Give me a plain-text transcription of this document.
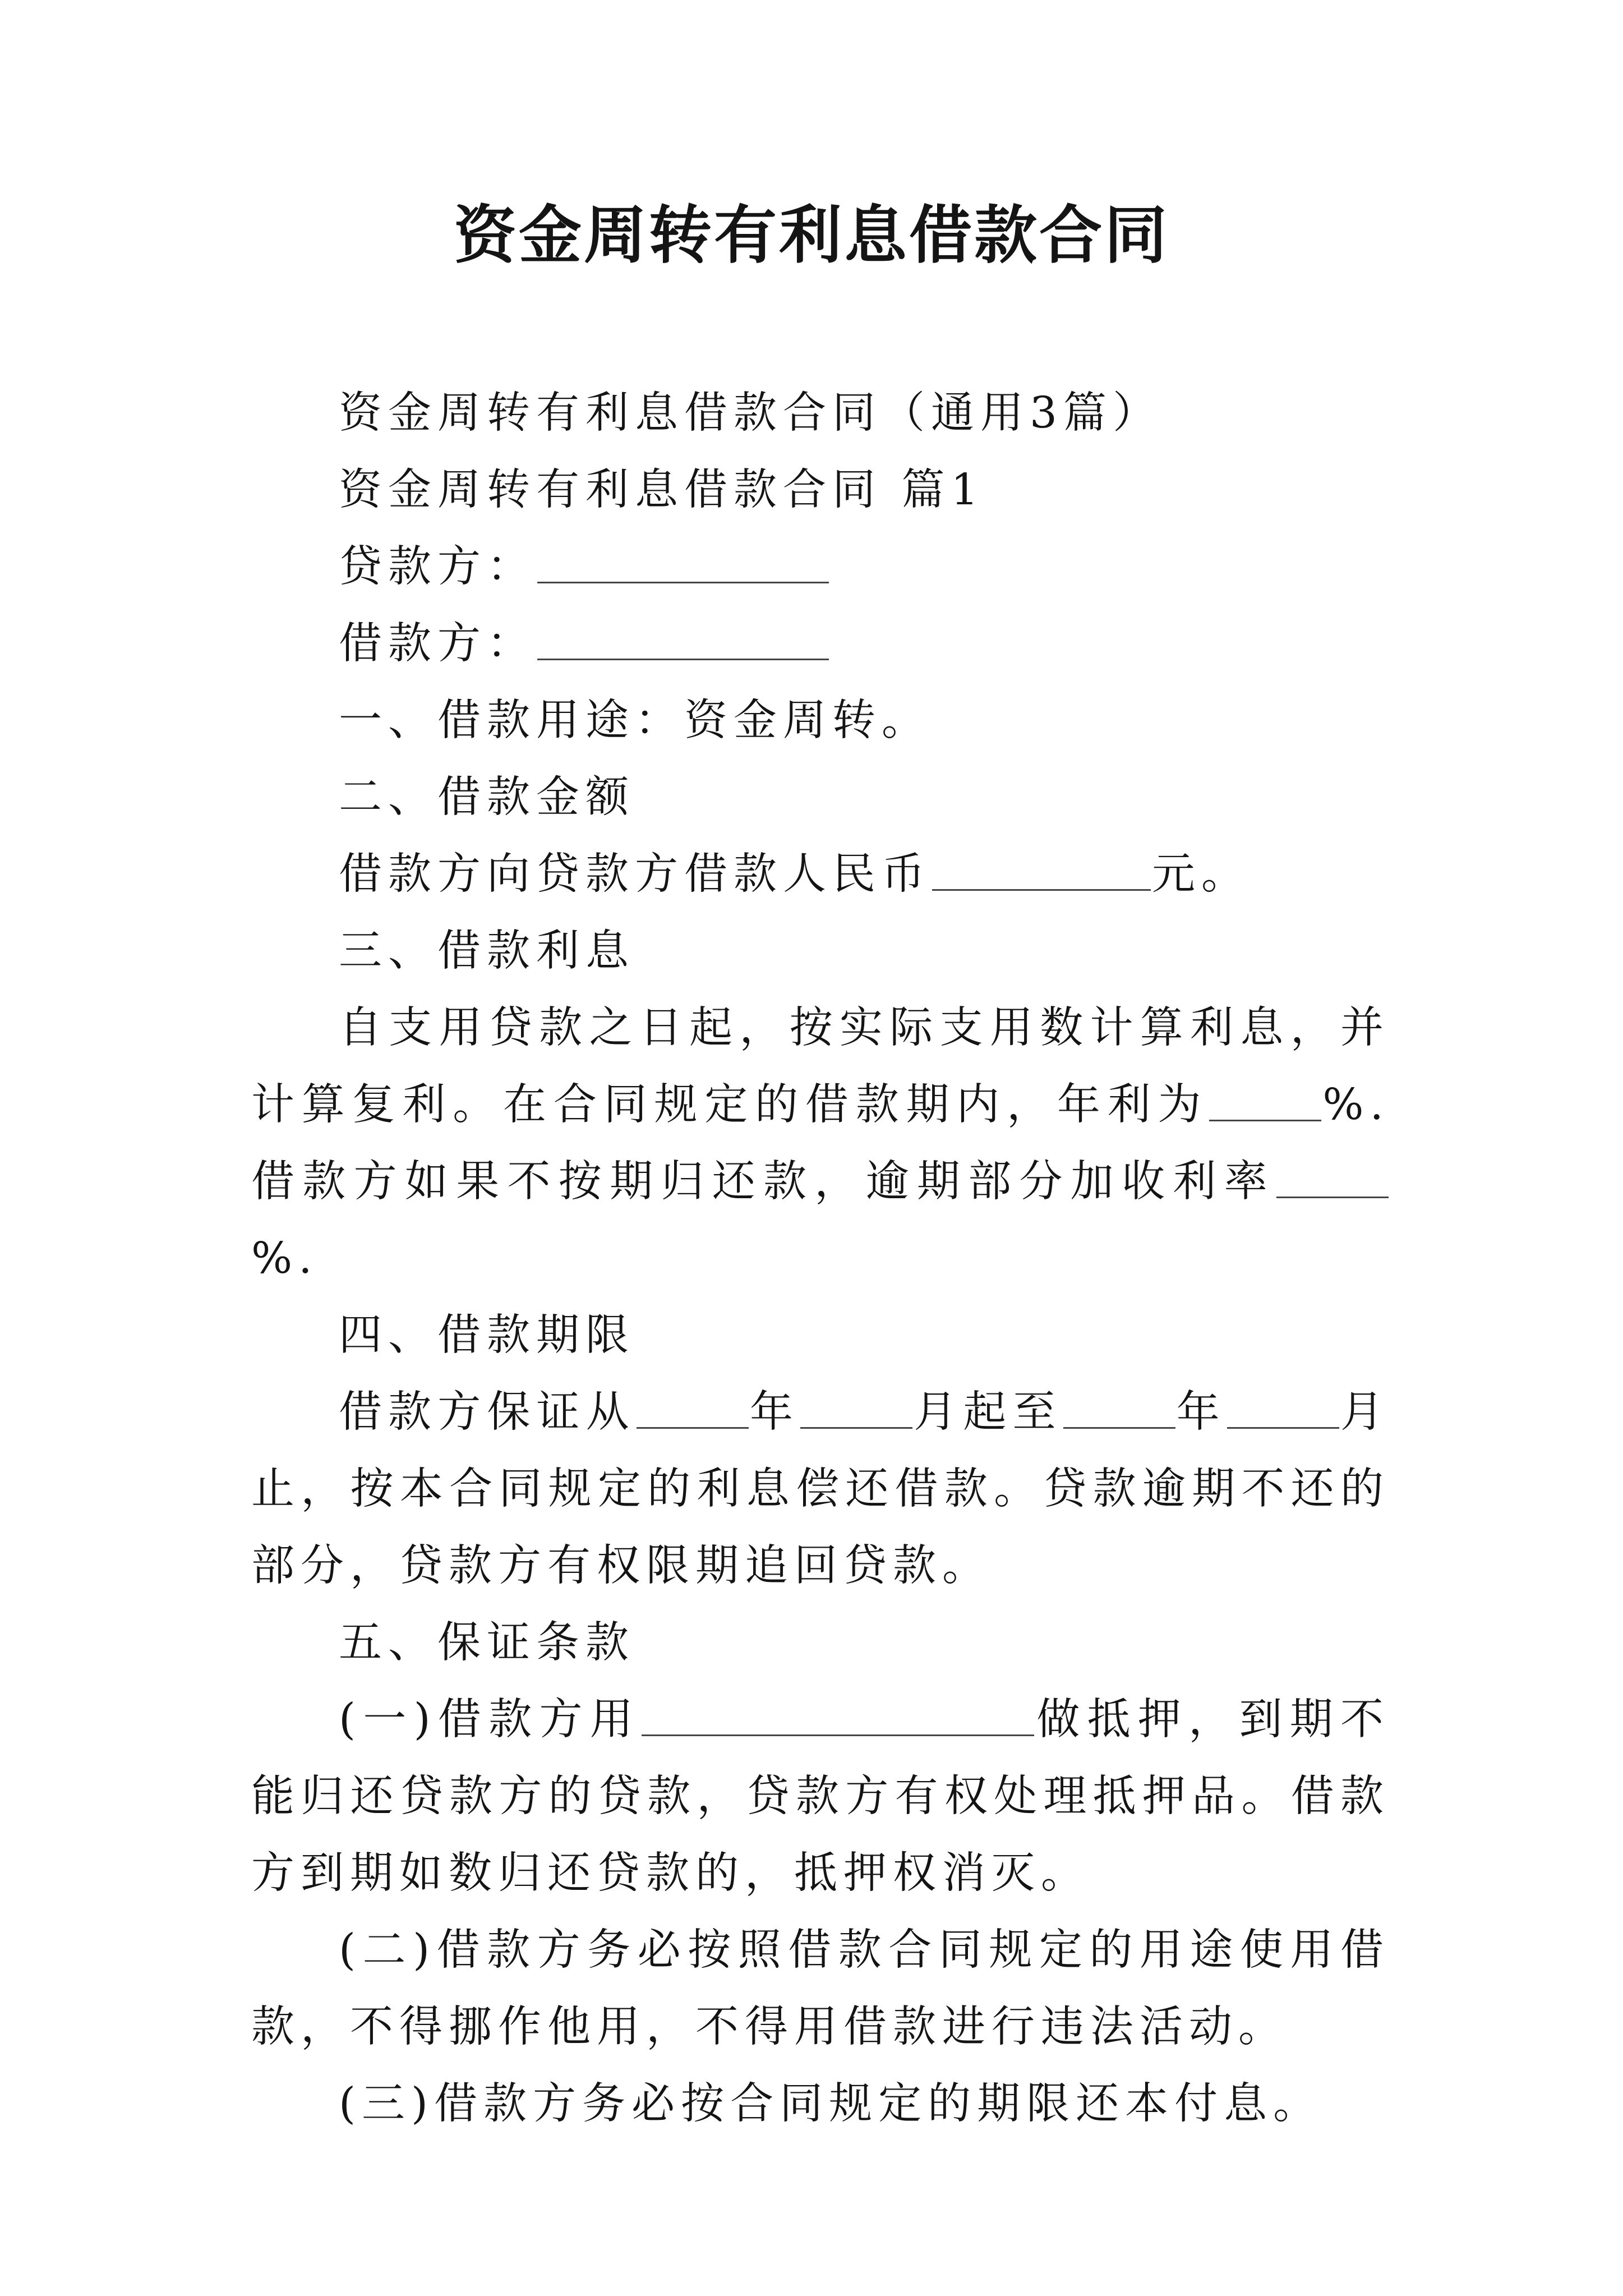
资金周转有利息借款合同

资金周转有利息借款合同（通用3篇）

资金周转有利息借款合同 篇1

贷款方：

借款方：

一、借款用途：资金周转。

二、借款金额

借款方向贷款方借款人民币	元。

三、借款利息

自支用贷款之日起，按实际支用数计算利息，并计算复利。在合同规定的借款期内，年利为	%.借款方如果不按期归还款，逾期部分加收利率%.

四、借款期限

借款方保证从	年	月起至	年	月止，按本合同规定的利息偿还借款。贷款逾期不还的部分，贷款方有权限期追回贷款。

五、保证条款

(一)借款方用	做抵押，到期不能归还贷款方的贷款，贷款方有权处理抵押品。借款方到期如数归还贷款的，抵押权消灭。

(二)借款方务必按照借款合同规定的用途使用借款，不得挪作他用，不得用借款进行违法活动。

(三)借款方务必按合同规定的期限还本付息。
